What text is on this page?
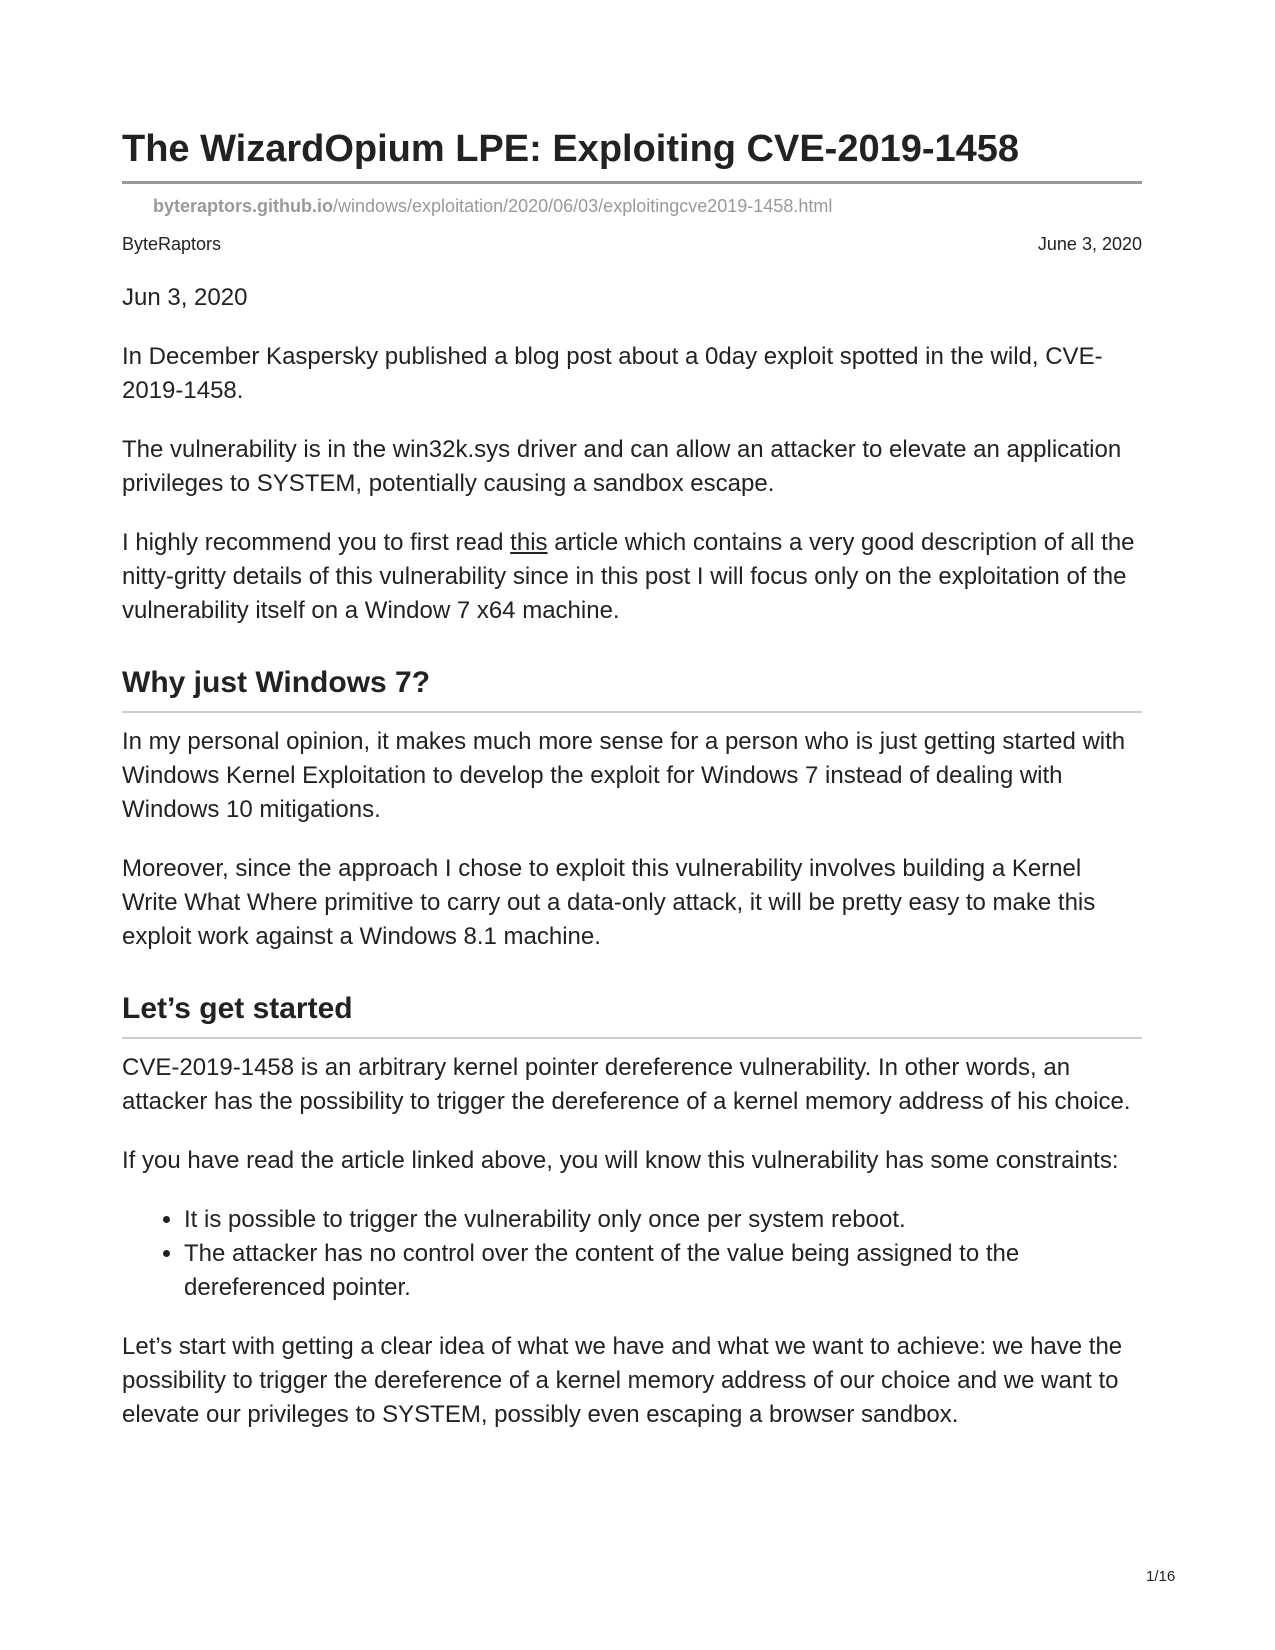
The WizardOpium LPE: Exploiting CVE-2019-1458
byteraptors.github.io/windows/exploitation/2020/06/03/exploitingcve2019-1458.html
ByteRaptors	June 3, 2020

Jun 3, 2020

In December Kaspersky published a blog post about a 0day exploit spotted in the wild, CVE-2019-1458.

The vulnerability is in the win32k.sys driver and can allow an attacker to elevate an application privileges to SYSTEM, potentially causing a sandbox escape.

I highly recommend you to first read this article which contains a very good description of all the nitty-gritty details of this vulnerability since in this post I will focus only on the exploitation of the vulnerability itself on a Window 7 x64 machine.

Why just Windows 7?

In my personal opinion, it makes much more sense for a person who is just getting started with Windows Kernel Exploitation to develop the exploit for Windows 7 instead of dealing with Windows 10 mitigations.

Moreover, since the approach I chose to exploit this vulnerability involves building a Kernel Write What Where primitive to carry out a data-only attack, it will be pretty easy to make this exploit work against a Windows 8.1 machine.

Let’s get started

CVE-2019-1458 is an arbitrary kernel pointer dereference vulnerability. In other words, an attacker has the possibility to trigger the dereference of a kernel memory address of his choice.

If you have read the article linked above, you will know this vulnerability has some constraints:

• It is possible to trigger the vulnerability only once per system reboot.
• The attacker has no control over the content of the value being assigned to the dereferenced pointer.

Let’s start with getting a clear idea of what we have and what we want to achieve: we have the possibility to trigger the dereference of a kernel memory address of our choice and we want to elevate our privileges to SYSTEM, possibly even escaping a browser sandbox.

1/16
